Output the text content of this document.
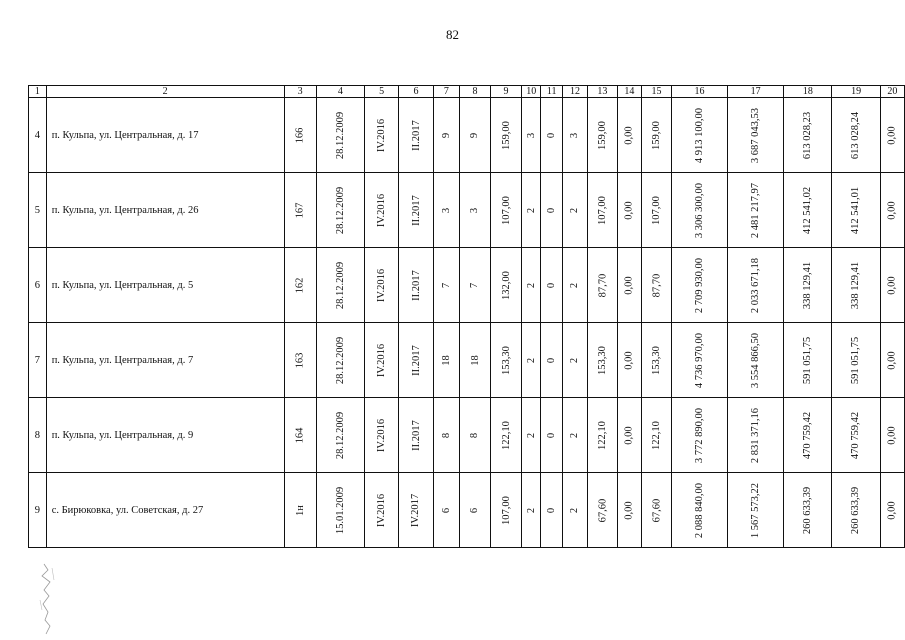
82
1	2	3	4	5	6	7	8	9	10	11	12	13	14	15	16	17	18	19	20
4	п. Кульпа, ул. Центральная, д. 17	166	28.12.2009	IV.2016	II.2017	9	9	159,00	3	0	3	159,00	0,00	159,00	4 913 100,00	3 687 043,53	613 028,23	613 028,24	0,00
5	п. Кульпа, ул. Центральная, д. 26	167	28.12.2009	IV.2016	II.2017	3	3	107,00	2	0	2	107,00	0,00	107,00	3 306 300,00	2 481 217,97	412 541,02	412 541,01	0,00
6	п. Кульпа, ул. Центральная, д. 5	162	28.12.2009	IV.2016	II.2017	7	7	132,00	2	0	2	87,70	0,00	87,70	2 709 930,00	2 033 671,18	338 129,41	338 129,41	0,00
7	п. Кульпа, ул. Центральная, д. 7	163	28.12.2009	IV.2016	II.2017	18	18	153,30	2	0	2	153,30	0,00	153,30	4 736 970,00	3 554 866,50	591 051,75	591 051,75	0,00
8	п. Кульпа, ул. Центральная, д. 9	164	28.12.2009	IV.2016	II.2017	8	8	122,10	2	0	2	122,10	0,00	122,10	3 772 890,00	2 831 371,16	470 759,42	470 759,42	0,00
9	с. Бирюковка, ул. Советская, д. 27	1н	15.01.2009	IV.2016	IV.2017	6	6	107,00	2	0	2	67,60	0,00	67,60	2 088 840,00	1 567 573,22	260 633,39	260 633,39	0,00
